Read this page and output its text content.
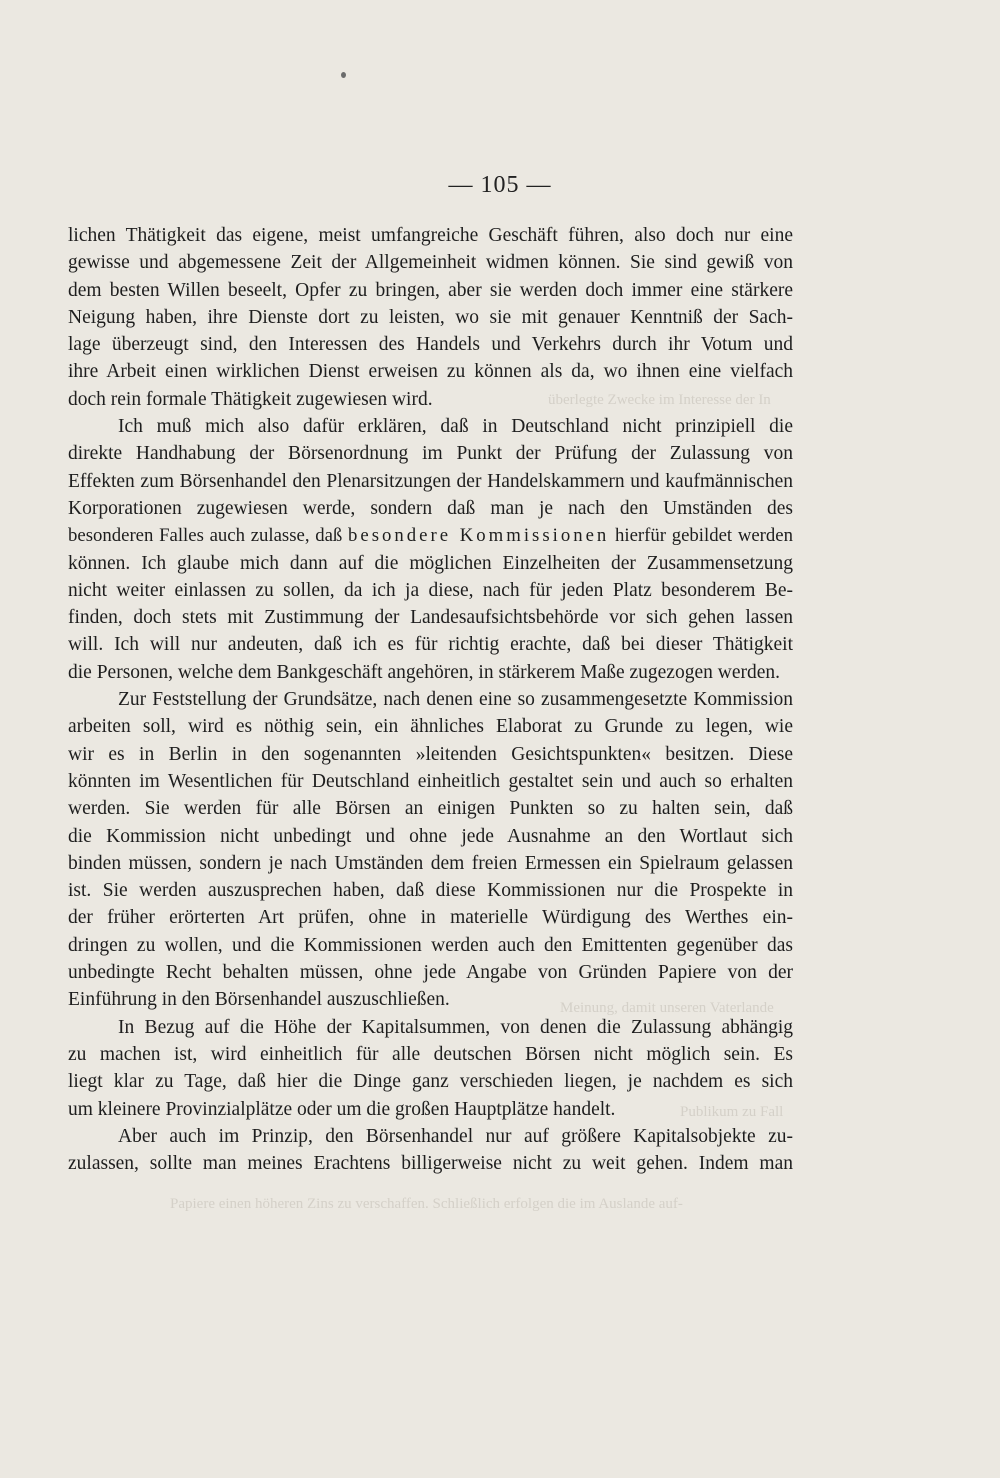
überlegte Zwecke im Interesse der In
Meinung, damit unseren Vaterlande
Publikum zu Fall
Papiere einen höheren Zins zu verschaffen. Schließlich erfolgen die im Auslande auf-
— 105 —

lichen Thätigkeit das eigene, meist umfangreiche Geschäft führen, also doch nur eine
gewisse und abgemessene Zeit der Allgemeinheit widmen können. Sie sind gewiß von
dem besten Willen beseelt, Opfer zu bringen, aber sie werden doch immer eine stärkere
Neigung haben, ihre Dienste dort zu leisten, wo sie mit genauer Kenntniß der Sach-
lage überzeugt sind, den Interessen des Handels und Verkehrs durch ihr Votum und
ihre Arbeit einen wirklichen Dienst erweisen zu können als da, wo ihnen eine vielfach
doch rein formale Thätigkeit zugewiesen wird.

Ich muß mich also dafür erklären, daß in Deutschland nicht prinzipiell die
direkte Handhabung der Börsenordnung im Punkt der Prüfung der Zulassung von
Effekten zum Börsenhandel den Plenarsitzungen der Handelskammern und kaufmännischen
Korporationen zugewiesen werde, sondern daß man je nach den Umständen des
besonderen Falles auch zulasse, daß besondere Kommissionen hierfür gebildet werden
können. Ich glaube mich dann auf die möglichen Einzelheiten der Zusammensetzung
nicht weiter einlassen zu sollen, da ich ja diese, nach für jeden Platz besonderem Be-
finden, doch stets mit Zustimmung der Landesaufsichtsbehörde vor sich gehen lassen
will. Ich will nur andeuten, daß ich es für richtig erachte, daß bei dieser Thätigkeit
die Personen, welche dem Bankgeschäft angehören, in stärkerem Maße zugezogen werden.

Zur Feststellung der Grundsätze, nach denen eine so zusammengesetzte Kommission
arbeiten soll, wird es nöthig sein, ein ähnliches Elaborat zu Grunde zu legen, wie
wir es in Berlin in den sogenannten »leitenden Gesichtspunkten« besitzen. Diese
könnten im Wesentlichen für Deutschland einheitlich gestaltet sein und auch so erhalten
werden. Sie werden für alle Börsen an einigen Punkten so zu halten sein, daß
die Kommission nicht unbedingt und ohne jede Ausnahme an den Wortlaut sich
binden müssen, sondern je nach Umständen dem freien Ermessen ein Spielraum gelassen
ist. Sie werden auszusprechen haben, daß diese Kommissionen nur die Prospekte in
der früher erörterten Art prüfen, ohne in materielle Würdigung des Werthes ein-
dringen zu wollen, und die Kommissionen werden auch den Emittenten gegenüber das
unbedingte Recht behalten müssen, ohne jede Angabe von Gründen Papiere von der
Einführung in den Börsenhandel auszuschließen.

In Bezug auf die Höhe der Kapitalsummen, von denen die Zulassung abhängig
zu machen ist, wird einheitlich für alle deutschen Börsen nicht möglich sein. Es
liegt klar zu Tage, daß hier die Dinge ganz verschieden liegen, je nachdem es sich
um kleinere Provinzialplätze oder um die großen Hauptplätze handelt.

Aber auch im Prinzip, den Börsenhandel nur auf größere Kapitalsobjekte zu-
zulassen, sollte man meines Erachtens billigerweise nicht zu weit gehen. Indem man
